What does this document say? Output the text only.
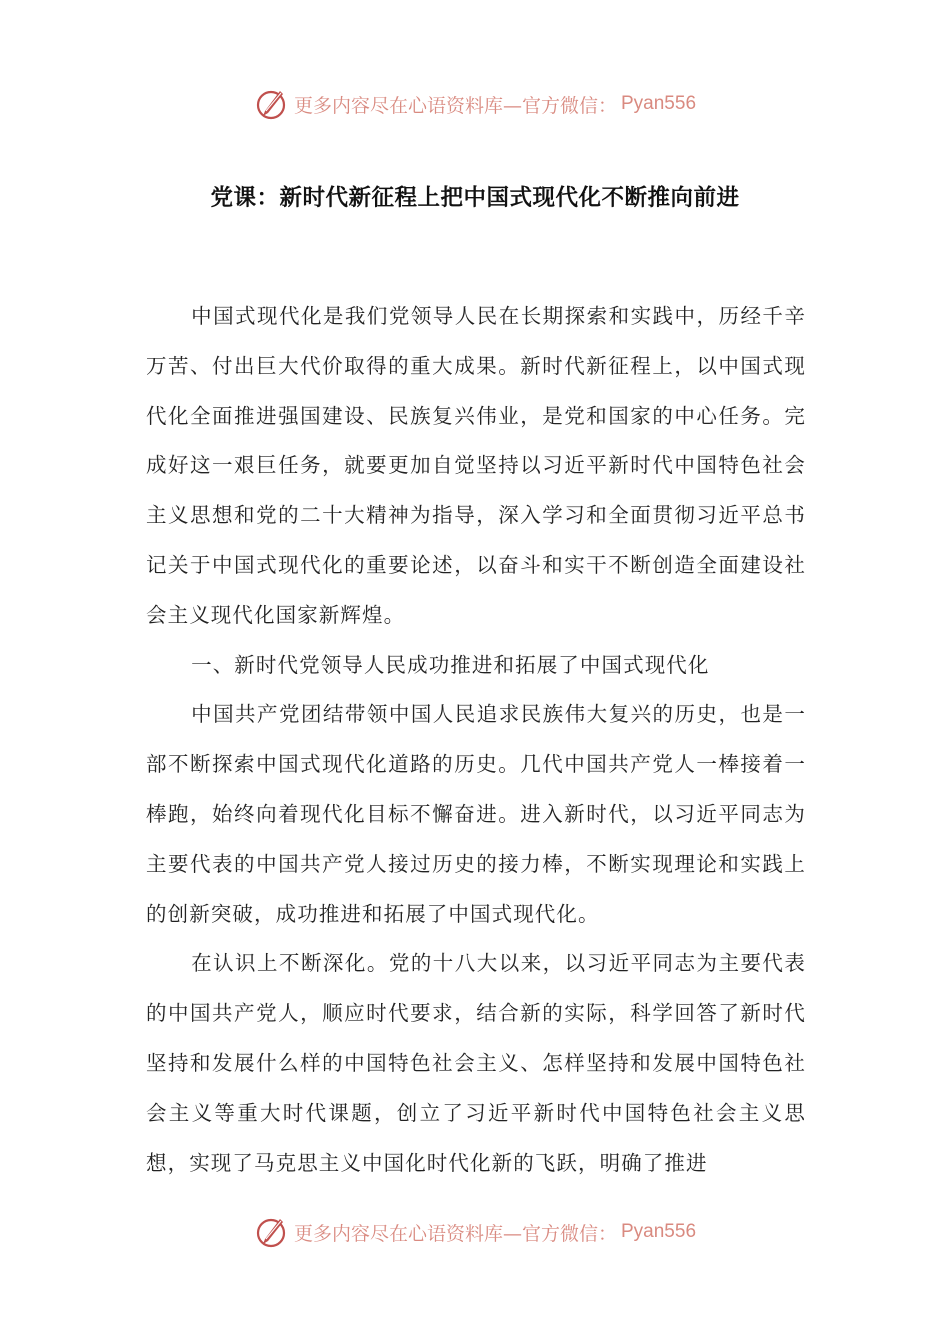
更多内容尽在心语资料库—官方微信： Pyan556
党课：新时代新征程上把中国式现代化不断推向前进

中国式现代化是我们党领导人民在长期探索和实践中，历经千辛万苦、付出巨大代价取得的重大成果。新时代新征程上，以中国式现代化全面推进强国建设、民族复兴伟业，是党和国家的中心任务。完成好这一艰巨任务，就要更加自觉坚持以习近平新时代中国特色社会主义思想和党的二十大精神为指导，深入学习和全面贯彻习近平总书记关于中国式现代化的重要论述，以奋斗和实干不断创造全面建设社会主义现代化国家新辉煌。

一、新时代党领导人民成功推进和拓展了中国式现代化

中国共产党团结带领中国人民追求民族伟大复兴的历史，也是一部不断探索中国式现代化道路的历史。几代中国共产党人一棒接着一棒跑，始终向着现代化目标不懈奋进。进入新时代，以习近平同志为主要代表的中国共产党人接过历史的接力棒，不断实现理论和实践上的创新突破，成功推进和拓展了中国式现代化。

在认识上不断深化。党的十八大以来，以习近平同志为主要代表的中国共产党人，顺应时代要求，结合新的实际，科学回答了新时代坚持和发展什么样的中国特色社会主义、怎样坚持和发展中国特色社会主义等重大时代课题，创立了习近平新时代中国特色社会主义思想，实现了马克思主义中国化时代化新的飞跃，明确了推进

更多内容尽在心语资料库—官方微信： Pyan556
